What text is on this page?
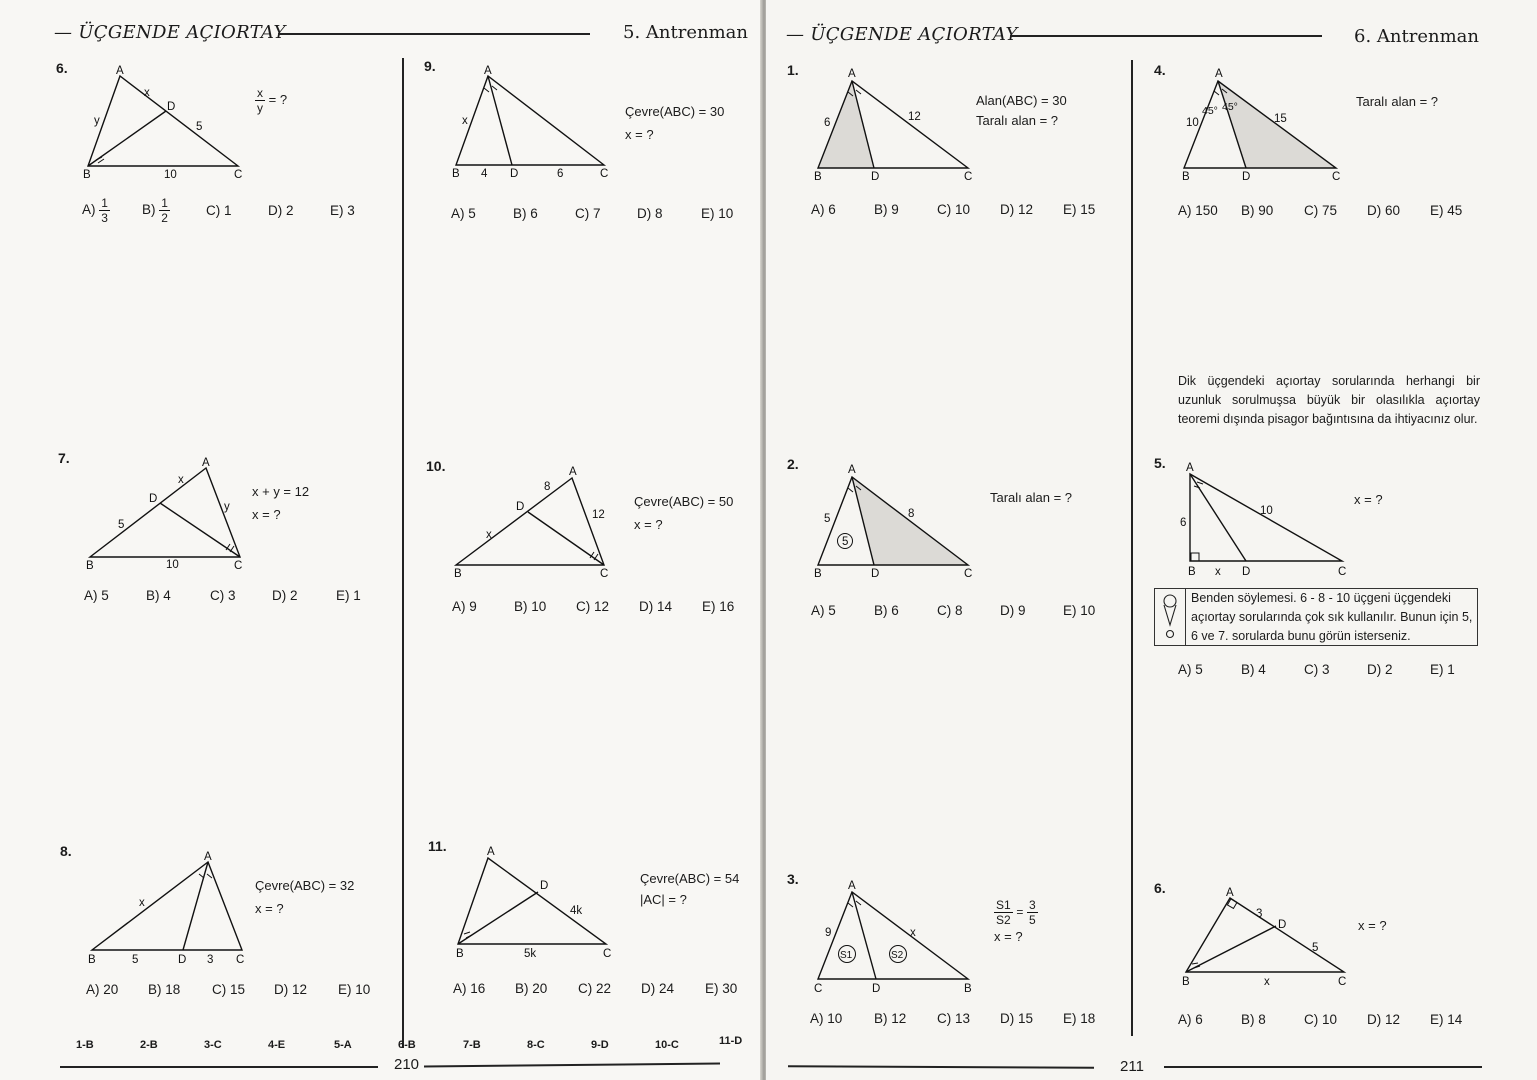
— ÜÇGENDE AÇIORTAY	5. Antrenman
6.	A
B	C
D
x
y	5
10
$\frac{x}{y}$ = ?
$A) \frac{1}{3} B) \frac{1}{2}$	C) 1	D) 2	E) 3
7.	A
B	C
D
x
y
5
10
x + y = 12
x = ?
A) 5	B) 4	C) 3	D) 2	E) 1
8.	A
B	C
D
x
5	3
Çevre(ABC) = 32
x = ?
A) 20	B) 18	C) 15	D) 12	E) 10
9.	A
B	C
D
x
4	6
Çevre(ABC) = 30
x = ?
A) 5	B) 6	C) 7	D) 8	E) 10
10.	A
B	C
D
x
8
12
Çevre(ABC) = 50
x = ?
A) 9	B) 10	C) 12	D) 14	E) 16
11.	A
B	C
D
4k
5k
Çevre(ABC) = 54
|AC| = ?
A) 16	B) 20	C) 22	D) 24	E) 30
1-B	2-B	3-C	4-E	5-A	6-B	7-B	8-C	9-D	10-C	11-D
210
— ÜÇGENDE AÇIORTAY	6. Antrenman
1.	A
B	C
D
6	12
Alan(ABC) = 30
Taralı alan = ?
A) 6	B) 9	C) 10	D) 12	E) 15
2.
5
A
B	C
D
5	8
Taralı alan = ?
A) 5	B) 6	C) 8	D) 9	E) 10
3.
S1	S2
A
C	B
D
9	x
$\frac{S1}{S2} = \frac{3}{5}$
x = ?
A) 10	B) 12	C) 13	D) 15	E) 18
4.	A
B	C
D
10	15
45° 45°	Taralı alan = ?
A) 150	B) 90	C) 75	D) 60	E) 45
Dik üçgendeki açıortay sorularında herhangi bir uzunluk sorulmuşsa büyük bir olasılıkla açıortay teoremi dışında pisagor bağıntısına da ihtiyacınız olur.
5. A
B	C
D
6
10
x
x = ?
Benden söylemesi. 6 - 8 - 10 üçgeni üçgendeki açıortay sorularında çok sık kullanılır. Bunun için 5, 6 ve 7. sorularda bunu görün isterseniz.
A) 5	B) 4	C) 3	D) 2	E) 1
6.	A
B	C
D
3
5
x
x = ?
A) 6	B) 8	C) 10	D) 12	E) 14
211
